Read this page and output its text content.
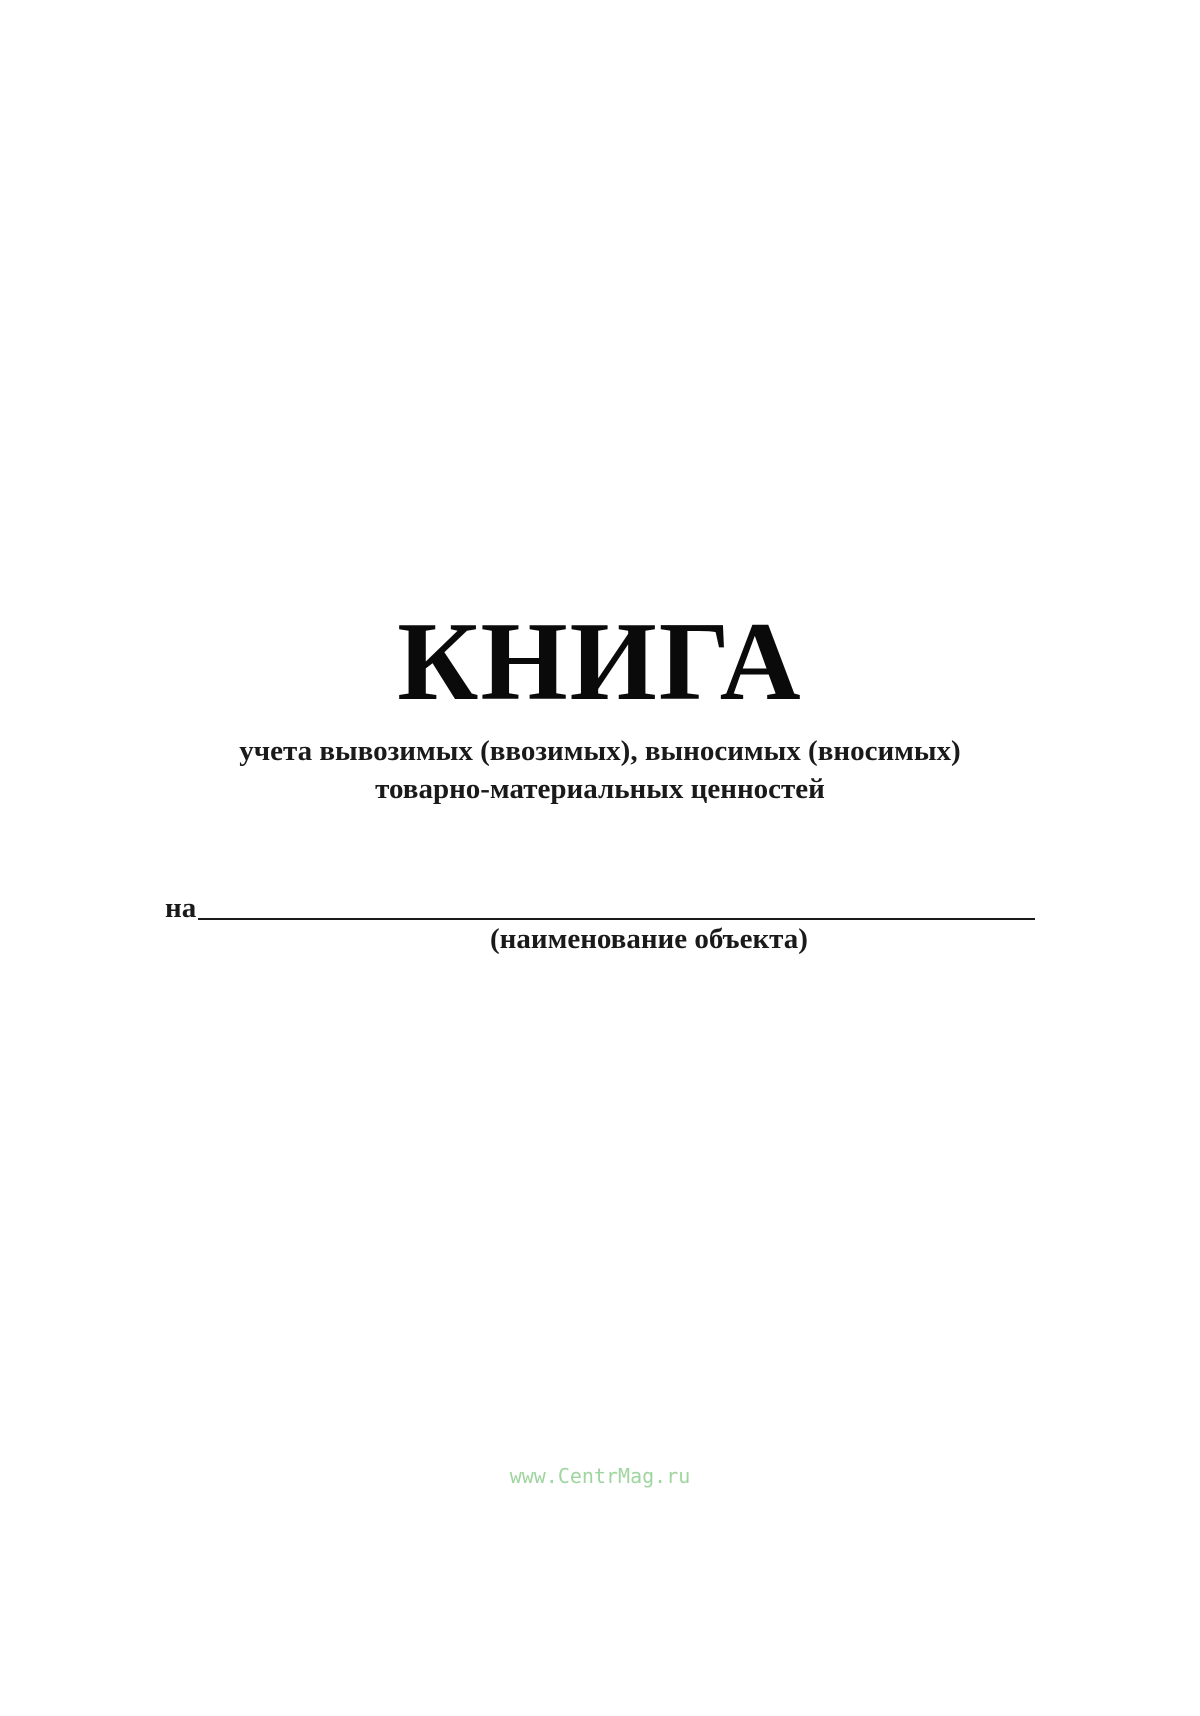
КНИГА
учета вывозимых (ввозимых), выносимых (вносимых)
товарно-материальных ценностей
на
(наименование объекта)
www.CentrMag.ru
